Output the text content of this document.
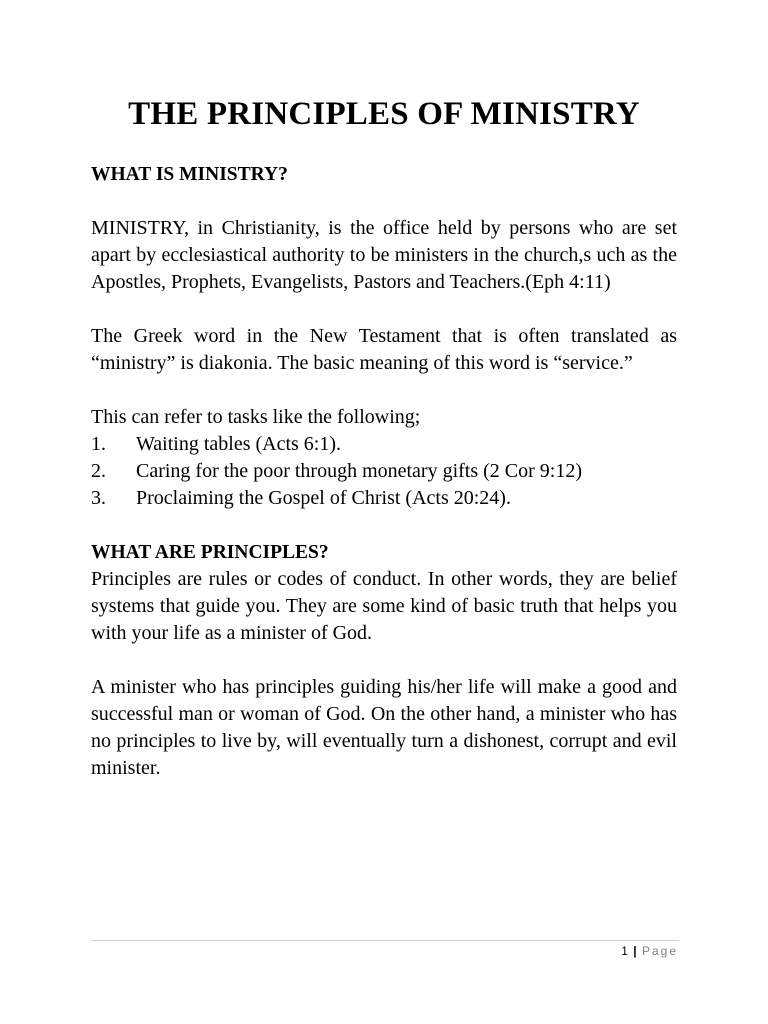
THE PRINCIPLES OF MINISTRY
WHAT IS MINISTRY?

MINISTRY, in Christianity, is the office held by persons who are set apart by ecclesiastical authority to be ministers in the church,s uch as the Apostles, Prophets, Evangelists, Pastors and Teachers.(Eph 4:11)

The Greek word in the New Testament that is often translated as “ministry” is diakonia. The basic meaning of this word is “service.”

This can refer to tasks like the following;

1.	Waiting tables (Acts 6:1).
2.	Caring for the poor through monetary gifts (2 Cor 9:12)
3.	Proclaiming the Gospel of Christ (Acts 20:24).
WHAT ARE PRINCIPLES?

Principles are rules or codes of conduct. In other words, they are belief systems that guide you. They are some kind of basic truth that helps you with your life as a minister of God.

A minister who has principles guiding his/her life will make a good and successful man or woman of God. On the other hand, a minister who has no principles to live by, will eventually turn a dishonest, corrupt and evil minister.

1 | Page
